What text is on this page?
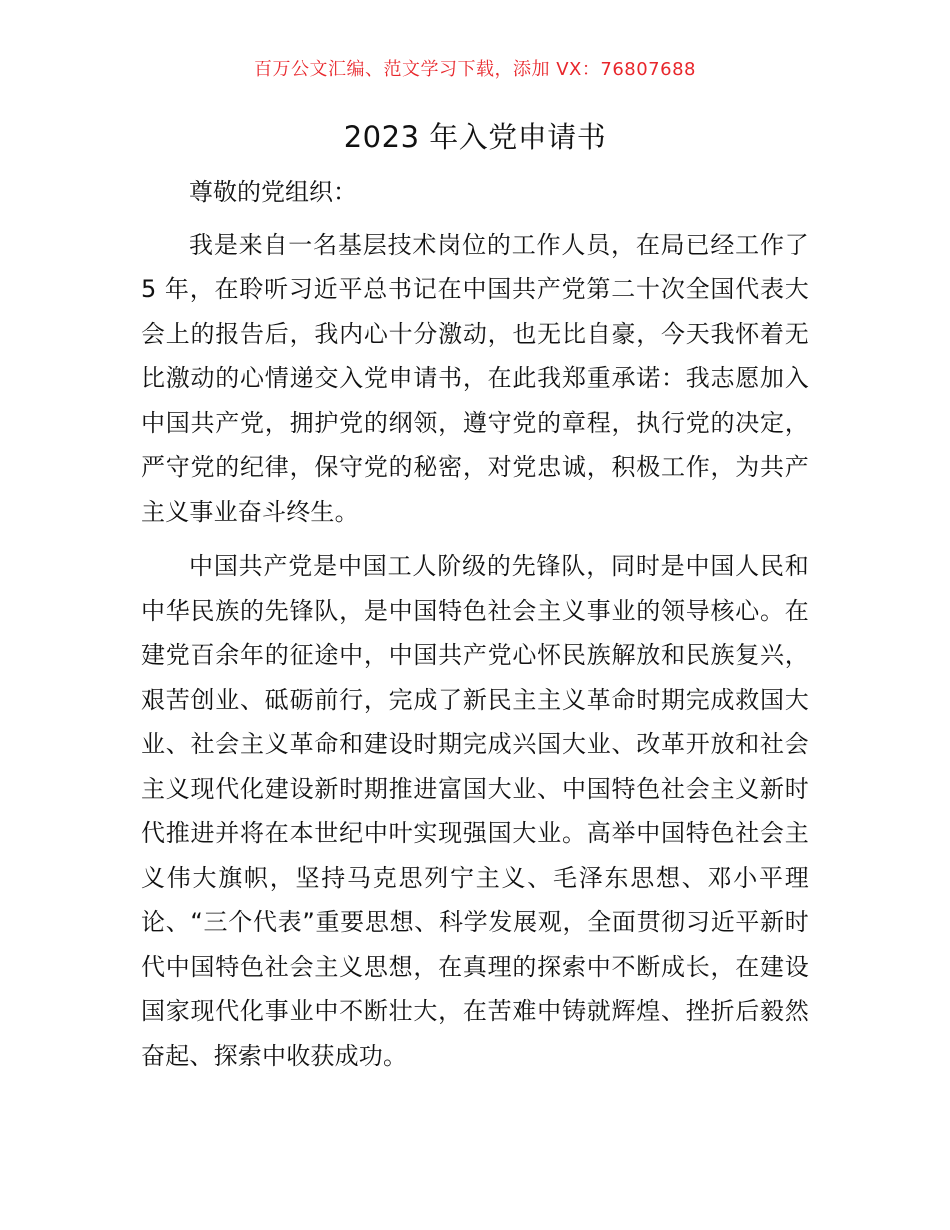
百万公文汇编、范文学习下载，添加 VX：76807688
2023 年入党申请书

尊敬的党组织：

我是来自一名基层技术岗位的工作人员，在局已经工作了 5 年，在聆听习近平总书记在中国共产党第二十次全国代表大会上的报告后，我内心十分激动，也无比自豪，今天我怀着无比激动的心情递交入党申请书，在此我郑重承诺：我志愿加入中国共产党，拥护党的纲领，遵守党的章程，执行党的决定，严守党的纪律，保守党的秘密，对党忠诚，积极工作，为共产主义事业奋斗终生。

中国共产党是中国工人阶级的先锋队，同时是中国人民和中华民族的先锋队，是中国特色社会主义事业的领导核心。在建党百余年的征途中，中国共产党心怀民族解放和民族复兴，艰苦创业、砥砺前行，完成了新民主主义革命时期完成救国大业、社会主义革命和建设时期完成兴国大业、改革开放和社会主义现代化建设新时期推进富国大业、中国特色社会主义新时代推进并将在本世纪中叶实现强国大业。高举中国特色社会主义伟大旗帜，坚持马克思列宁主义、毛泽东思想、邓小平理论、“三个代表”重要思想、科学发展观，全面贯彻习近平新时代中国特色社会主义思想，在真理的探索中不断成长，在建设国家现代化事业中不断壮大，在苦难中铸就辉煌、挫折后毅然奋起、探索中收获成功。
